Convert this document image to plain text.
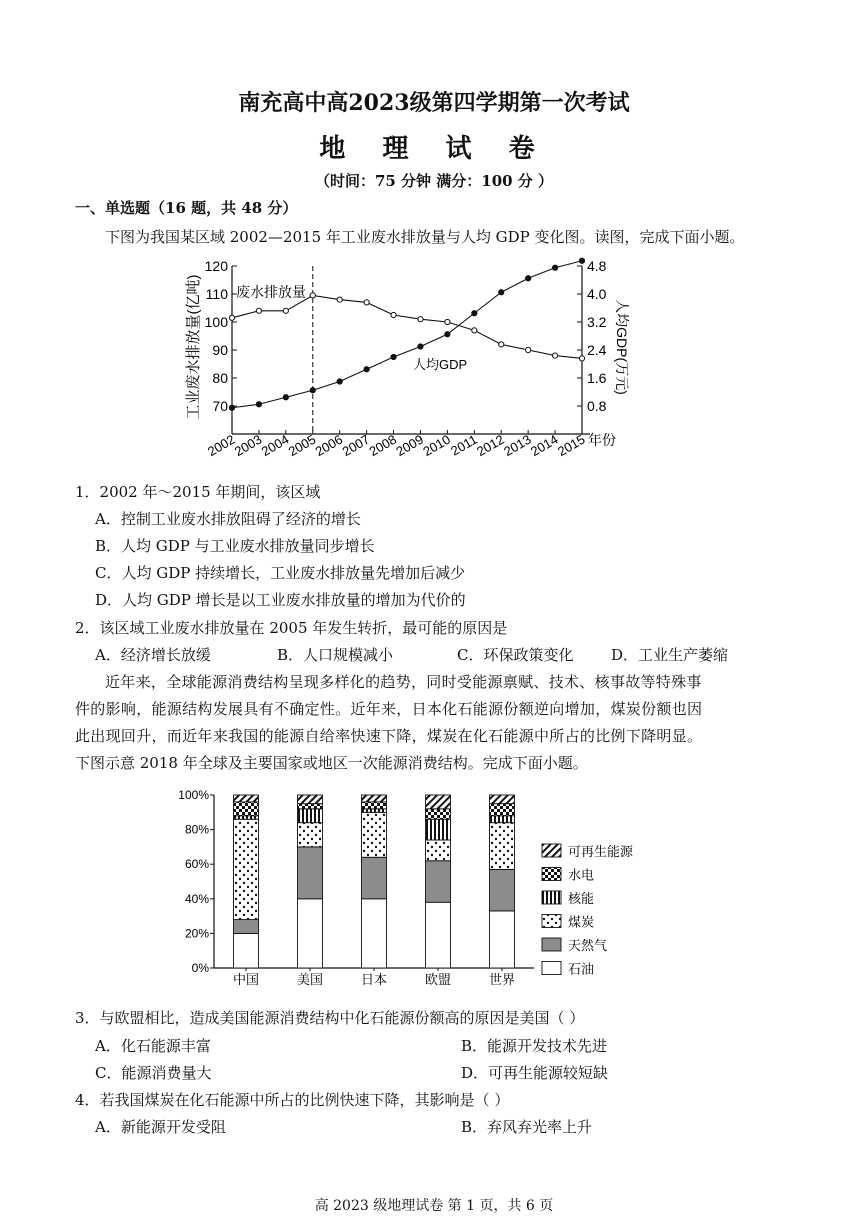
南充高中高2023级第四学期第一次考试
地 理 试 卷
（时间：75 分钟 满分：100 分 ）
一、单选题（16 题，共 48 分）
下图为我国某区域 2002—2015 年工业废水排放量与人均 GDP 变化图。读图，完成下面小题。
70
80
90
100
110
120
0.8
1.6
2.4
3.2
4.0
4.8
2002
2003
2004
2005
2006
2007
2008
2009
2010
2011
2012
2013
2014
2015
废水排放量
人均GDP
年份
工业废水排放量(亿吨)	人均GDP(万元)
1．2002 年～2015 年期间，该区域
A．控制工业废水排放阻碍了经济的增长
B．人均 GDP 与工业废水排放量同步增长
C．人均 GDP 持续增长，工业废水排放量先增加后减少
D．人均 GDP 增长是以工业废水排放量的增加为代价的
2．该区域工业废水排放量在 2005 年发生转折，最可能的原因是
A．经济增长放缓	B．人口规模减小	C．环保政策变化	D．工业生产萎缩
近年来，全球能源消费结构呈现多样化的趋势，同时受能源禀赋、技术、核事故等特殊事
件的影响，能源结构发展具有不确定性。近年来，日本化石能源份额逆向增加，煤炭份额也因
此出现回升，而近年来我国的能源自给率快速下降，煤炭在化石能源中所占的比例下降明显。
下图示意 2018 年全球及主要国家或地区一次能源消费结构。完成下面小题。
0%
20%
40%
60%
80%
100%
中国	美国	日本	欧盟	世界
可再生能源
水电
核能
煤炭
天然气
石油
3．与欧盟相比，造成美国能源消费结构中化石能源份额高的原因是美国（ ）
A．化石能源丰富	B．能源开发技术先进
C．能源消费量大	D．可再生能源较短缺
4．若我国煤炭在化石能源中所占的比例快速下降，其影响是（ ）
A．新能源开发受阻	B．弃风弃光率上升
高 2023 级地理试卷 第 1 页，共 6 页
